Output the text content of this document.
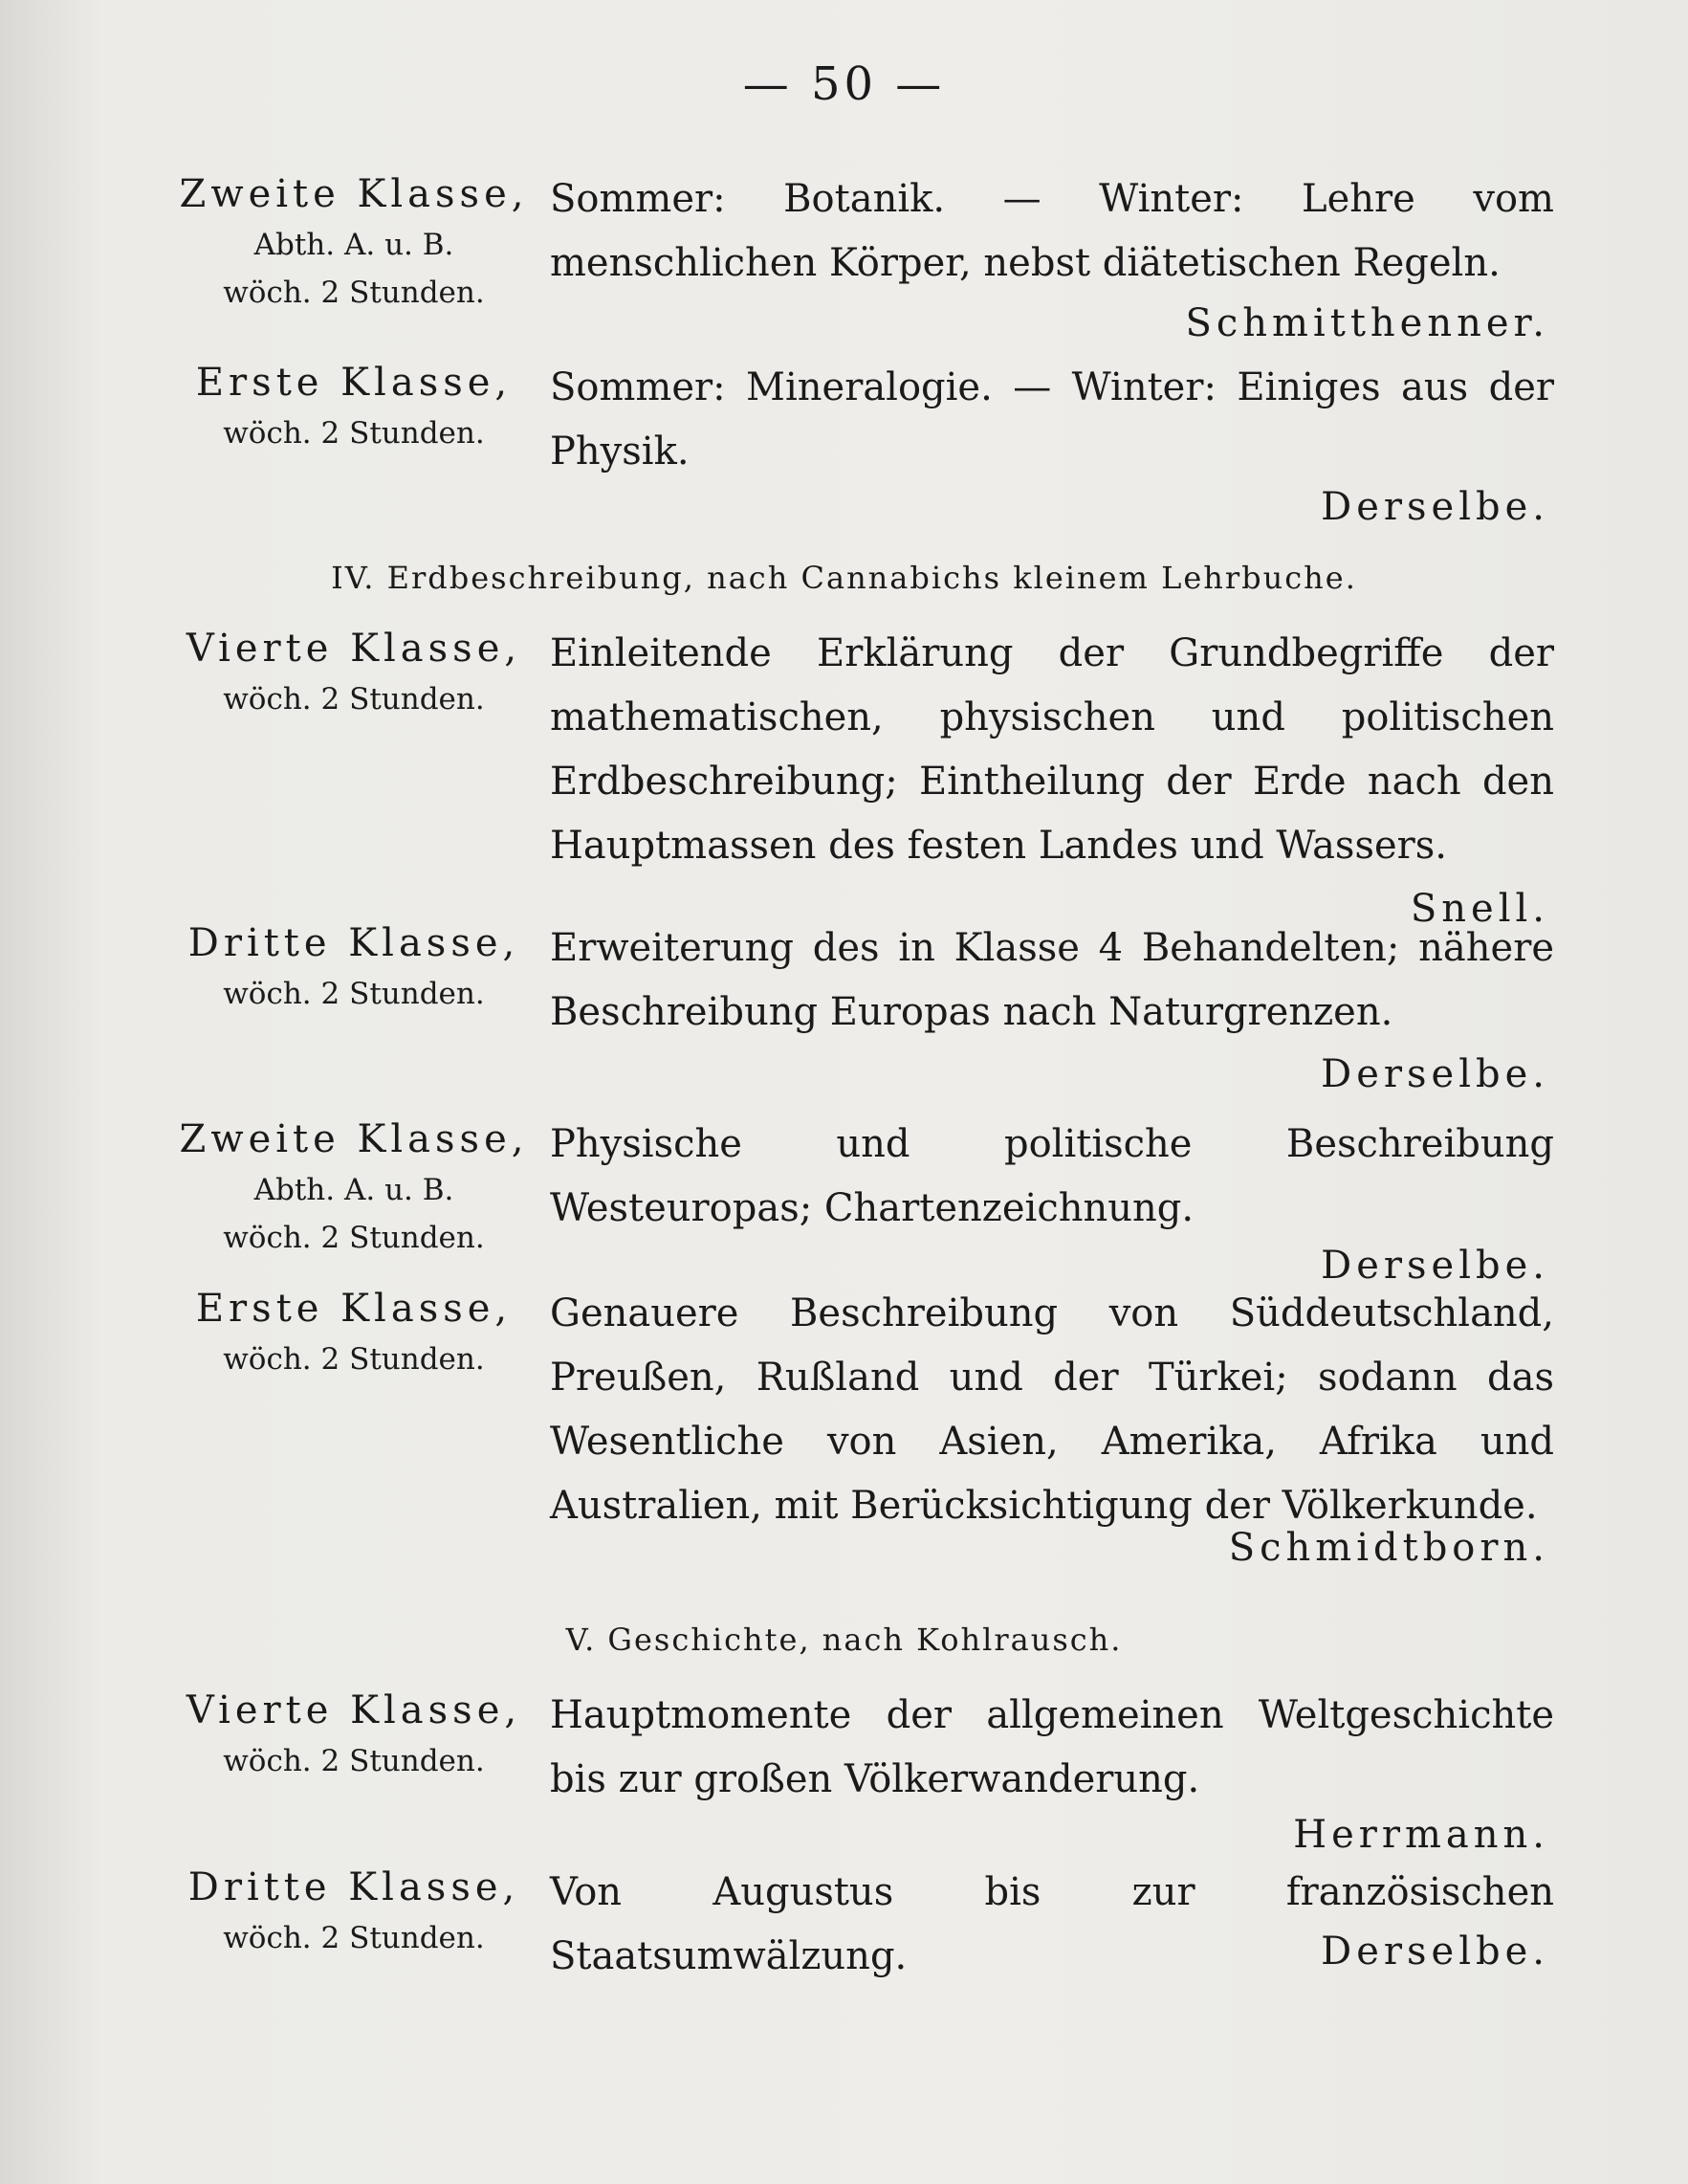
— 50 —
Zweite Klasse,
Abth. A. u. B.
wöch. 2 Stunden.
Sommer: Botanik. — Winter: Lehre vom menschlichen Körper, nebst diätetischen Regeln.
Schmitthenner.
Erste Klasse,
wöch. 2 Stunden.
Sommer: Mineralogie. — Winter: Einiges aus der Physik.
Derselbe.
IV. Erdbeschreibung, nach Cannabichs kleinem Lehrbuche.
Vierte Klasse,
wöch. 2 Stunden.
Einleitende Erklärung der Grundbegriffe der mathematischen, physischen und politischen Erdbeschreibung; Eintheilung der Erde nach den Hauptmassen des festen Landes und Wassers.
Snell.
Dritte Klasse,
wöch. 2 Stunden.
Erweiterung des in Klasse 4 Behandelten; nähere Beschreibung Europas nach Naturgrenzen.
Derselbe.
Zweite Klasse,
Abth. A. u. B.
wöch. 2 Stunden.
Physische und politische Beschreibung Westeuropas; Chartenzeichnung.
Derselbe.
Erste Klasse,
wöch. 2 Stunden.
Genauere Beschreibung von Süddeutschland, Preußen, Rußland und der Türkei; sodann das Wesentliche von Asien, Amerika, Afrika und Australien, mit Berücksichtigung der Völkerkunde.
Schmidtborn.
V. Geschichte, nach Kohlrausch.
Vierte Klasse,
wöch. 2 Stunden.
Hauptmomente der allgemeinen Weltgeschichte bis zur großen Völkerwanderung.
Herrmann.
Dritte Klasse,
wöch. 2 Stunden.
Von Augustus bis zur französischen Staatsumwälzung.	Derselbe.
